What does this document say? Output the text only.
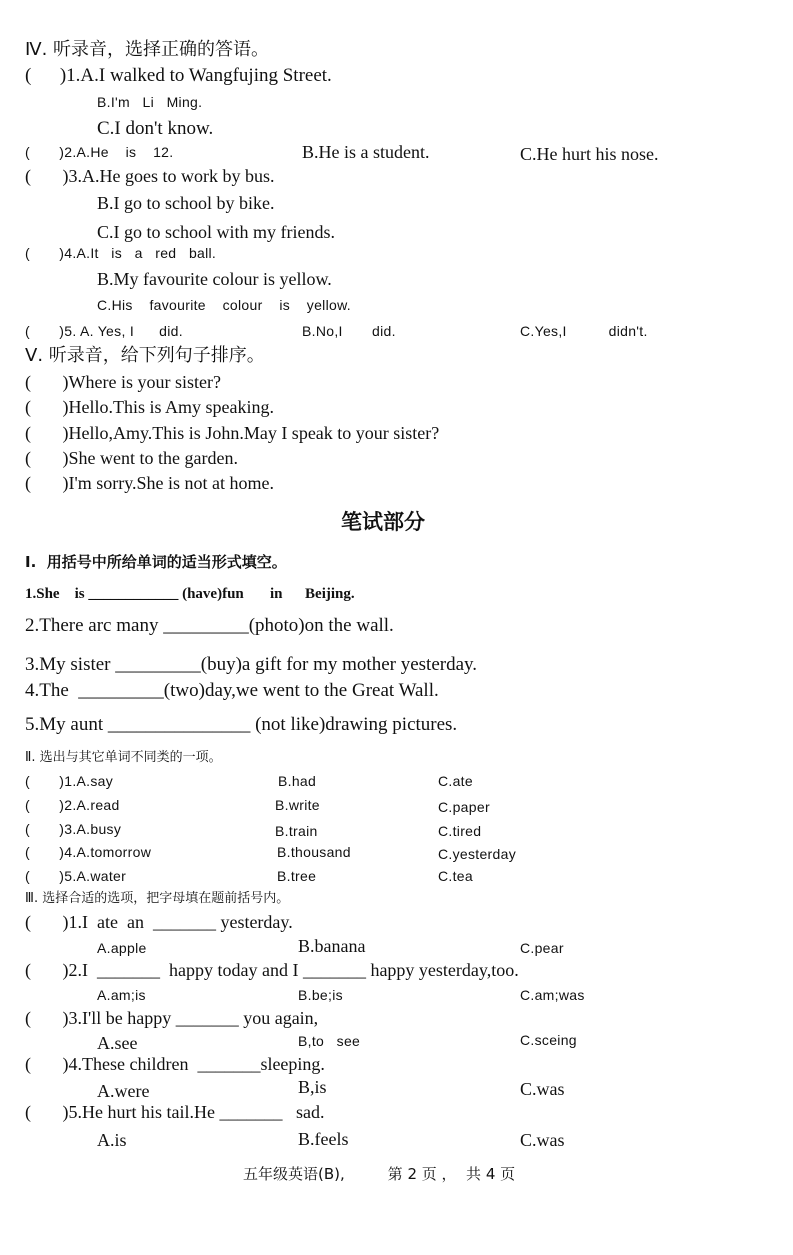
Ⅳ. 听录音，选择正确的答语。
(      )1.A.I walked to Wangfujing Street.
B.I'm   Li   Ming.
C.I don't know.
(       )2.A.He    is    12.	B.He is a student.	C.He hurt his nose.
(       )3.A.He goes to work by bus.
B.I go to school by bike.
C.I go to school with my friends.
(       )4.A.It   is   a   red   ball.
B.My favourite colour is yellow.
C.His    favourite    colour    is    yellow.
(       )5. A. Yes, I      did.	B.No,I       did.	C.Yes,I          didn't.
Ⅴ. 听录音，给下列句子排序。
(       )Where is your sister?
(       )Hello.This is Amy speaking.
(       )Hello,Amy.This is John.May I speak to your sister?
(       )She went to the garden.
(       )I'm sorry.She is not at home.
笔试部分
I.  用括号中所给单词的适当形式填空。
1.She    is ____________ (have)fun       in      Beijing.
2.There arc many _________(photo)on the wall.
3.My sister _________(buy)a gift for my mother yesterday.
4.The  _________(two)day,we went to the Great Wall.
5.My aunt _______________ (not like)drawing pictures.
Ⅱ. 选出与其它单词不同类的一项。
(       )1.A.say	B.had	C.ate
(       )2.A.read	B.write	C.paper
(       )3.A.busy	B.train	C.tired
(       )4.A.tomorrow	B.thousand	C.yesterday
(       )5.A.water	B.tree	C.tea
Ⅲ. 选择合适的选项，把字母填在题前括号内。
(       )1.I  ate  an  _______ yesterday.
A.apple	B.banana	C.pear
(       )2.I  _______  happy today and I _______ happy yesterday,too.
A.am;is	B.be;is	C.am;was
(       )3.I'll be happy _______ you again,
A.see	B,to   see	C.sceing
(       )4.These children  _______sleeping.
A.were	B,is	C.was
(       )5.He hurt his tail.He _______   sad.
A.is	B.feels	C.was
五年级英语(B),         第 2 页 ，  共 4 页
